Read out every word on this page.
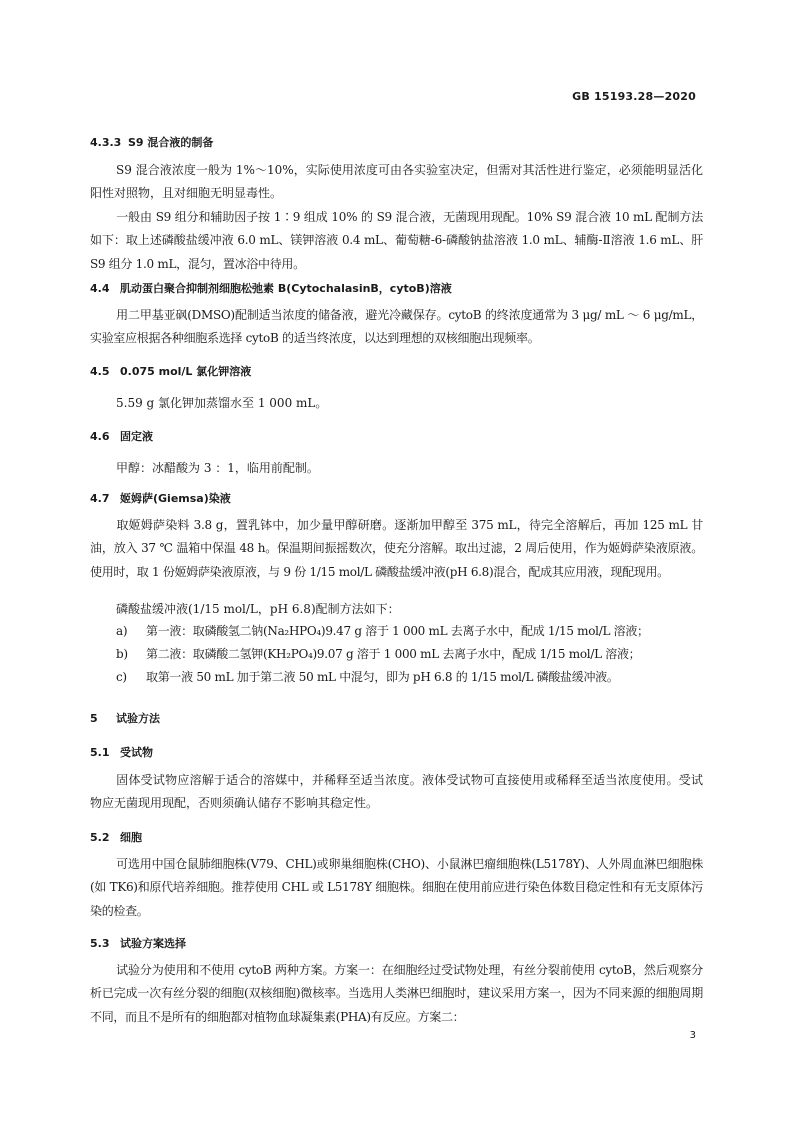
GB 15193.28—2020
4.3.3 S9 混合液的制备
S9 混合液浓度一般为 1%～10%，实际使用浓度可由各实验室决定，但需对其活性进行鉴定，必须能明显活化阳性对照物，且对细胞无明显毒性。
一般由 S9 组分和辅助因子按 1∶9 组成 10% 的 S9 混合液，无菌现用现配。10% S9 混合液 10 mL 配制方法如下：取上述磷酸盐缓冲液 6.0 mL、镁钾溶液 0.4 mL、葡萄糖-6-磷酸钠盐溶液 1.0 mL、辅酶-Ⅱ溶液 1.6 mL、肝 S9 组分 1.0 mL，混匀，置冰浴中待用。
4.4 肌动蛋白聚合抑制剂细胞松弛素 B(CytochalasinB，cytoB)溶液
用二甲基亚砜(DMSO)配制适当浓度的储备液，避光冷藏保存。cytoB 的终浓度通常为 3 μg/ mL ～ 6 μg/mL，实验室应根据各种细胞系选择 cytoB 的适当终浓度，以达到理想的双核细胞出现频率。
4.5 0.075 mol/L 氯化钾溶液
5.59 g 氯化钾加蒸馏水至 1 000 mL。
4.6 固定液
甲醇：冰醋酸为 3 ：1，临用前配制。
4.7 姬姆萨(Giemsa)染液
取姬姆萨染料 3.8 g，置乳钵中，加少量甲醇研磨。逐渐加甲醇至 375 mL，待完全溶解后，再加 125 mL 甘油，放入 37 ℃ 温箱中保温 48 h。保温期间振摇数次，使充分溶解。取出过滤，2 周后使用，作为姬姆萨染液原液。使用时，取 1 份姬姆萨染液原液，与 9 份 1/15 mol/L 磷酸盐缓冲液(pH 6.8)混合，配成其应用液，现配现用。
磷酸盐缓冲液(1/15 mol/L，pH 6.8)配制方法如下：
a) 第一液：取磷酸氢二钠(Na₂HPO₄)9.47 g 溶于 1 000 mL 去离子水中，配成 1/15 mol/L 溶液；
b) 第二液：取磷酸二氢钾(KH₂PO₄)9.07 g 溶于 1 000 mL 去离子水中，配成 1/15 mol/L 溶液；
c) 取第一液 50 mL 加于第二液 50 mL 中混匀，即为 pH 6.8 的 1/15 mol/L 磷酸盐缓冲液。
5 试验方法
5.1 受试物
固体受试物应溶解于适合的溶媒中，并稀释至适当浓度。液体受试物可直接使用或稀释至适当浓度使用。受试物应无菌现用现配，否则须确认储存不影响其稳定性。
5.2 细胞
可选用中国仓鼠肺细胞株(V79、CHL)或卵巢细胞株(CHO)、小鼠淋巴瘤细胞株(L5178Y)、人外周血淋巴细胞株(如 TK6)和原代培养细胞。推荐使用 CHL 或 L5178Y 细胞株。细胞在使用前应进行染色体数目稳定性和有无支原体污染的检查。
5.3 试验方案选择
试验分为使用和不使用 cytoB 两种方案。方案一：在细胞经过受试物处理，有丝分裂前使用 cytoB，然后观察分析已完成一次有丝分裂的细胞(双核细胞)微核率。当选用人类淋巴细胞时，建议采用方案一，因为不同来源的细胞周期不同，而且不是所有的细胞都对植物血球凝集素(PHA)有反应。方案二：
3
